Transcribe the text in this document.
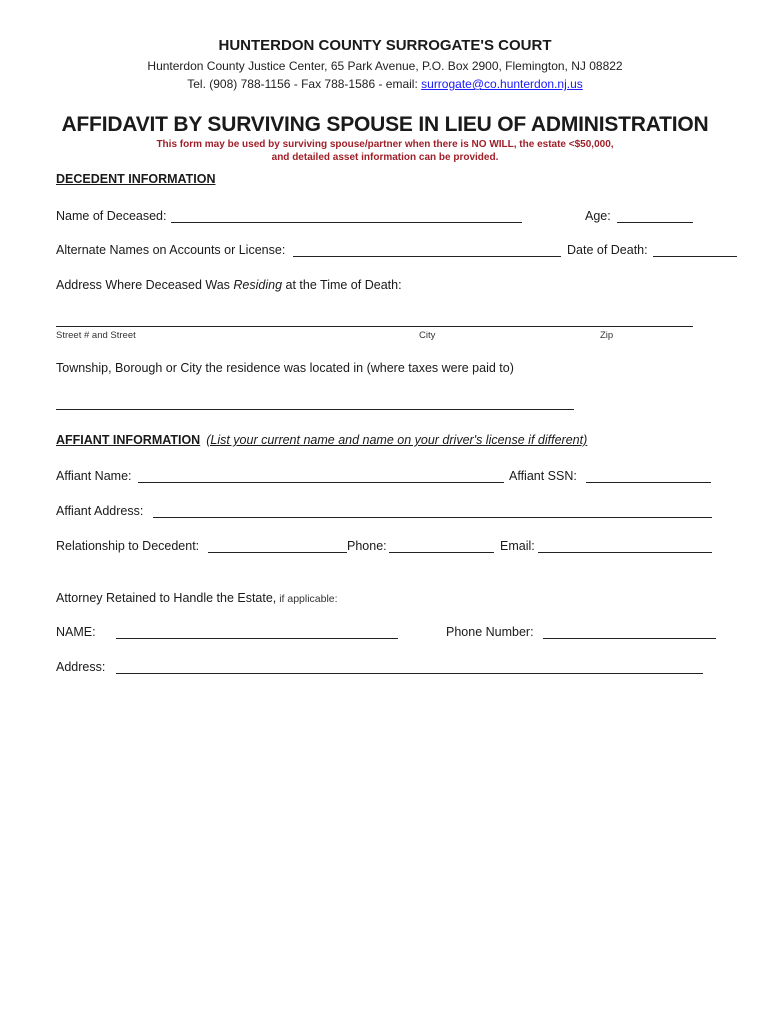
HUNTERDON COUNTY SURROGATE'S COURT
Hunterdon County Justice Center, 65 Park Avenue, P.O. Box 2900, Flemington, NJ 08822
Tel. (908) 788-1156 - Fax 788-1586 - email: surrogate@co.hunterdon.nj.us
AFFIDAVIT BY SURVIVING SPOUSE IN LIEU OF ADMINISTRATION
This form may be used by surviving spouse/partner when there is NO WILL, the estate <$50,000,
and detailed asset information can be provided.
DECEDENT INFORMATION
Name of Deceased:	Age:
Alternate Names on Accounts or License:	Date of Death:
Address Where Deceased Was Residing at the Time of Death:
Street # and Street	City	Zip
Township, Borough or City the residence was located in (where taxes were paid to)
AFFIANT INFORMATION (List your current name and name on your driver's license if different)
Affiant Name:	Affiant SSN:
Affiant Address:
Relationship to Decedent:	Phone:	Email:
Attorney Retained to Handle the Estate, if applicable:
NAME:	Phone Number:
Address:
